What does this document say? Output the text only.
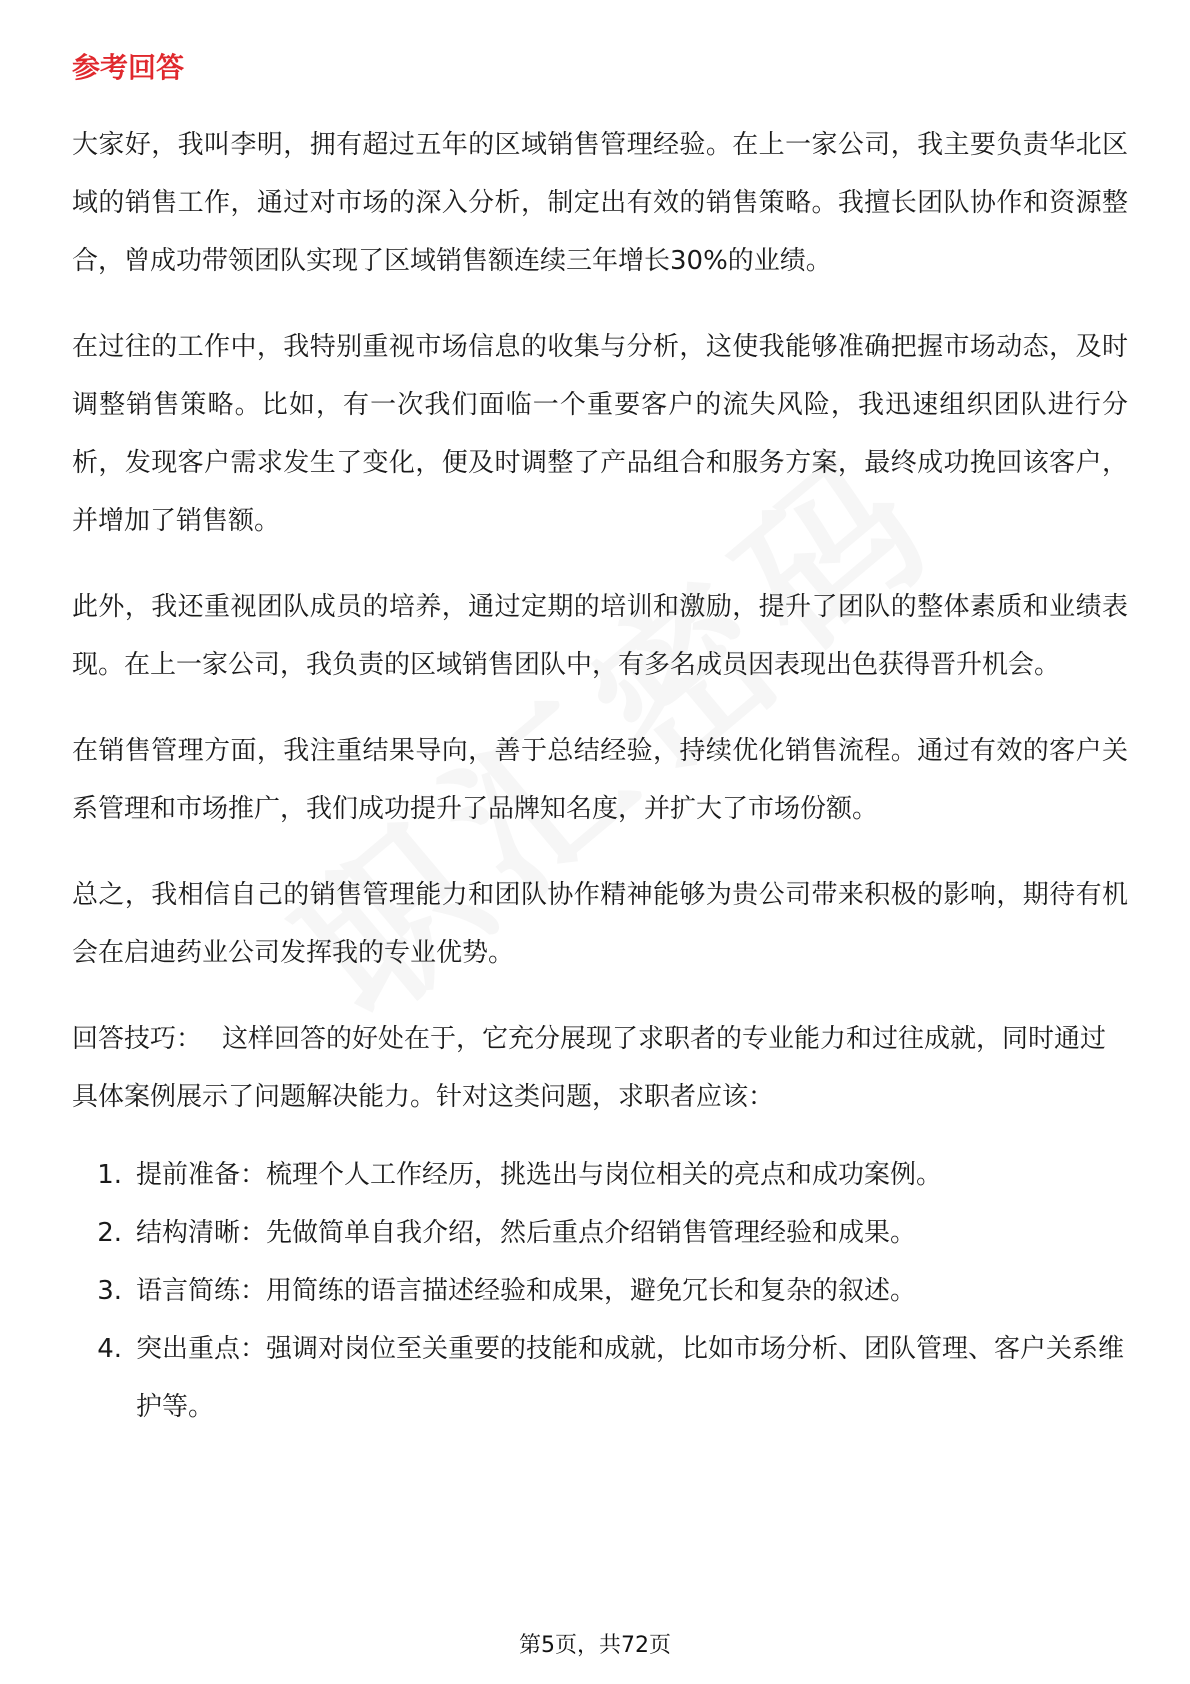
参考回答

大家好，我叫李明，拥有超过五年的区域销售管理经验。在上一家公司，我主要负责华北区域的销售工作，通过对市场的深入分析，制定出有效的销售策略。我擅长团队协作和资源整合，曾成功带领团队实现了区域销售额连续三年增长30%的业绩。

在过往的工作中，我特别重视市场信息的收集与分析，这使我能够准确把握市场动态，及时调整销售策略。比如，有一次我们面临一个重要客户的流失风险，我迅速组织团队进行分析，发现客户需求发生了变化，便及时调整了产品组合和服务方案，最终成功挽回该客户，并增加了销售额。

此外，我还重视团队成员的培养，通过定期的培训和激励，提升了团队的整体素质和业绩表现。在上一家公司，我负责的区域销售团队中，有多名成员因表现出色获得晋升机会。

在销售管理方面，我注重结果导向，善于总结经验，持续优化销售流程。通过有效的客户关系管理和市场推广，我们成功提升了品牌知名度，并扩大了市场份额。

总之，我相信自己的销售管理能力和团队协作精神能够为贵公司带来积极的影响，期待有机会在启迪药业公司发挥我的专业优势。

回答技巧： 这样回答的好处在于，它充分展现了求职者的专业能力和过往成就，同时通过具体案例展示了问题解决能力。针对这类问题，求职者应该：

1. 提前准备：梳理个人工作经历，挑选出与岗位相关的亮点和成功案例。
2. 结构清晰：先做简单自我介绍，然后重点介绍销售管理经验和成果。
3. 语言简练：用简练的语言描述经验和成果，避免冗长和复杂的叙述。
4. 突出重点：强调对岗位至关重要的技能和成就，比如市场分析、团队管理、客户关系维护等。
第5页，共72页
